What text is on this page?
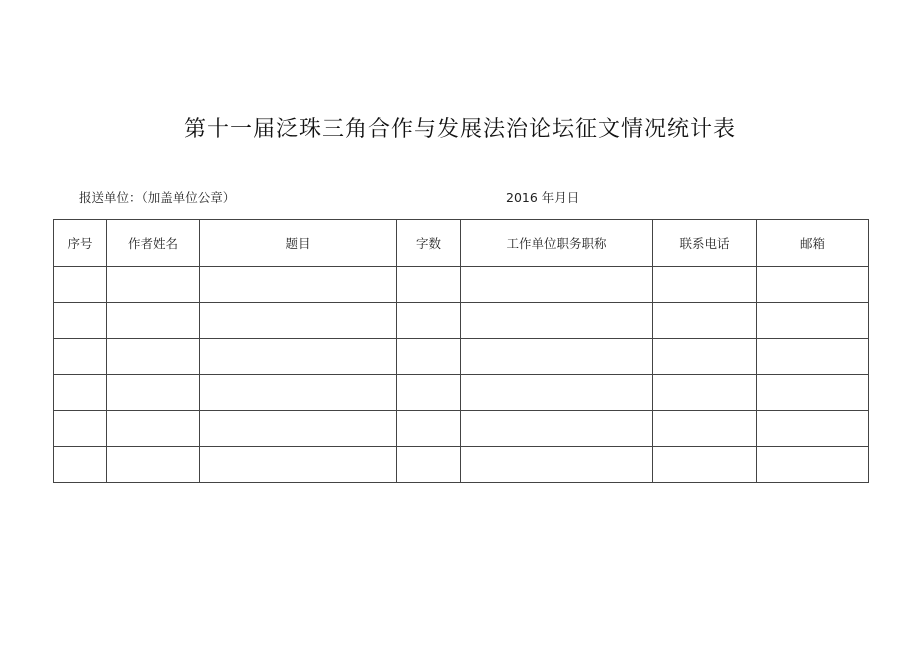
第十一届泛珠三角合作与发展法治论坛征文情况统计表
报送单位：（加盖单位公章）	2016 年月日
序号	作者姓名	题目	字数	工作单位职务职称	联系电话	邮箱
